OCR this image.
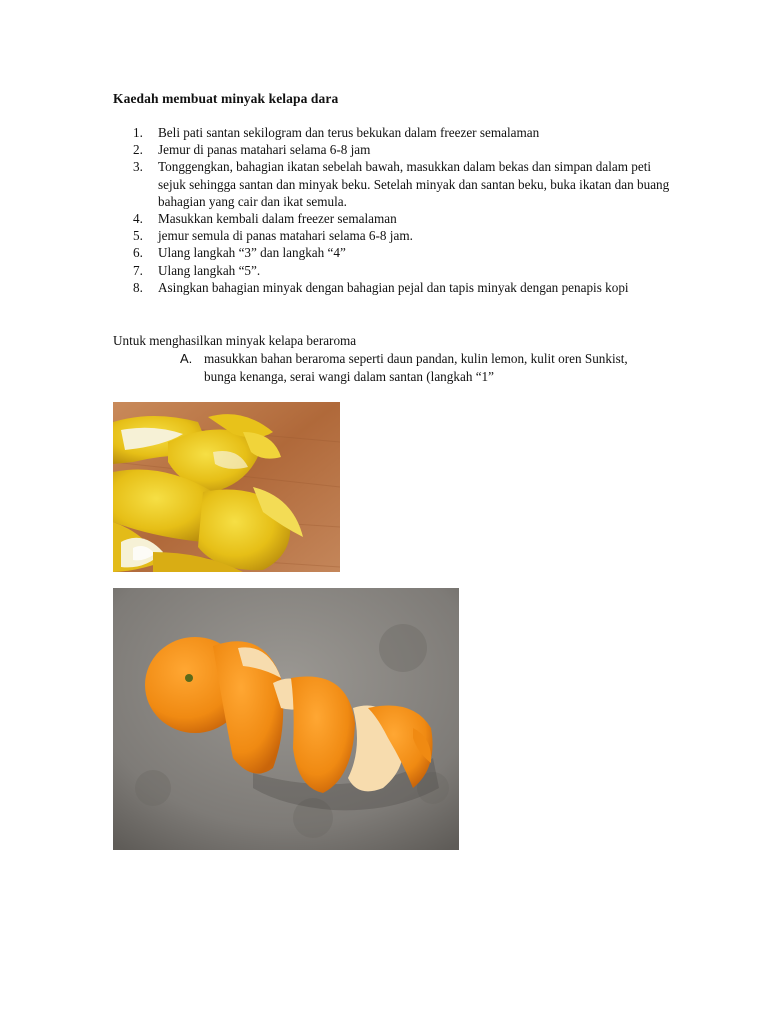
Kaedah membuat minyak kelapa dara
1. Beli pati santan sekilogram dan terus bekukan dalam freezer semalaman
2. Jemur di panas matahari selama 6-8 jam
3. Tonggengkan, bahagian ikatan sebelah bawah, masukkan dalam bekas dan simpan dalam peti sejuk sehingga santan dan minyak beku. Setelah minyak dan santan beku, buka ikatan dan buang bahagian yang cair dan ikat semula.
4. Masukkan kembali dalam freezer semalaman
5. jemur semula di panas matahari selama 6-8 jam.
6. Ulang langkah “3” dan langkah “4”
7. Ulang langkah “5”.
8. Asingkan bahagian minyak dengan bahagian pejal dan tapis minyak dengan penapis kopi
Untuk menghasilkan minyak kelapa beraroma
A. masukkan bahan beraroma seperti daun pandan, kulin lemon, kulit oren Sunkist, bunga kenanga, serai wangi dalam santan (langkah “1”
